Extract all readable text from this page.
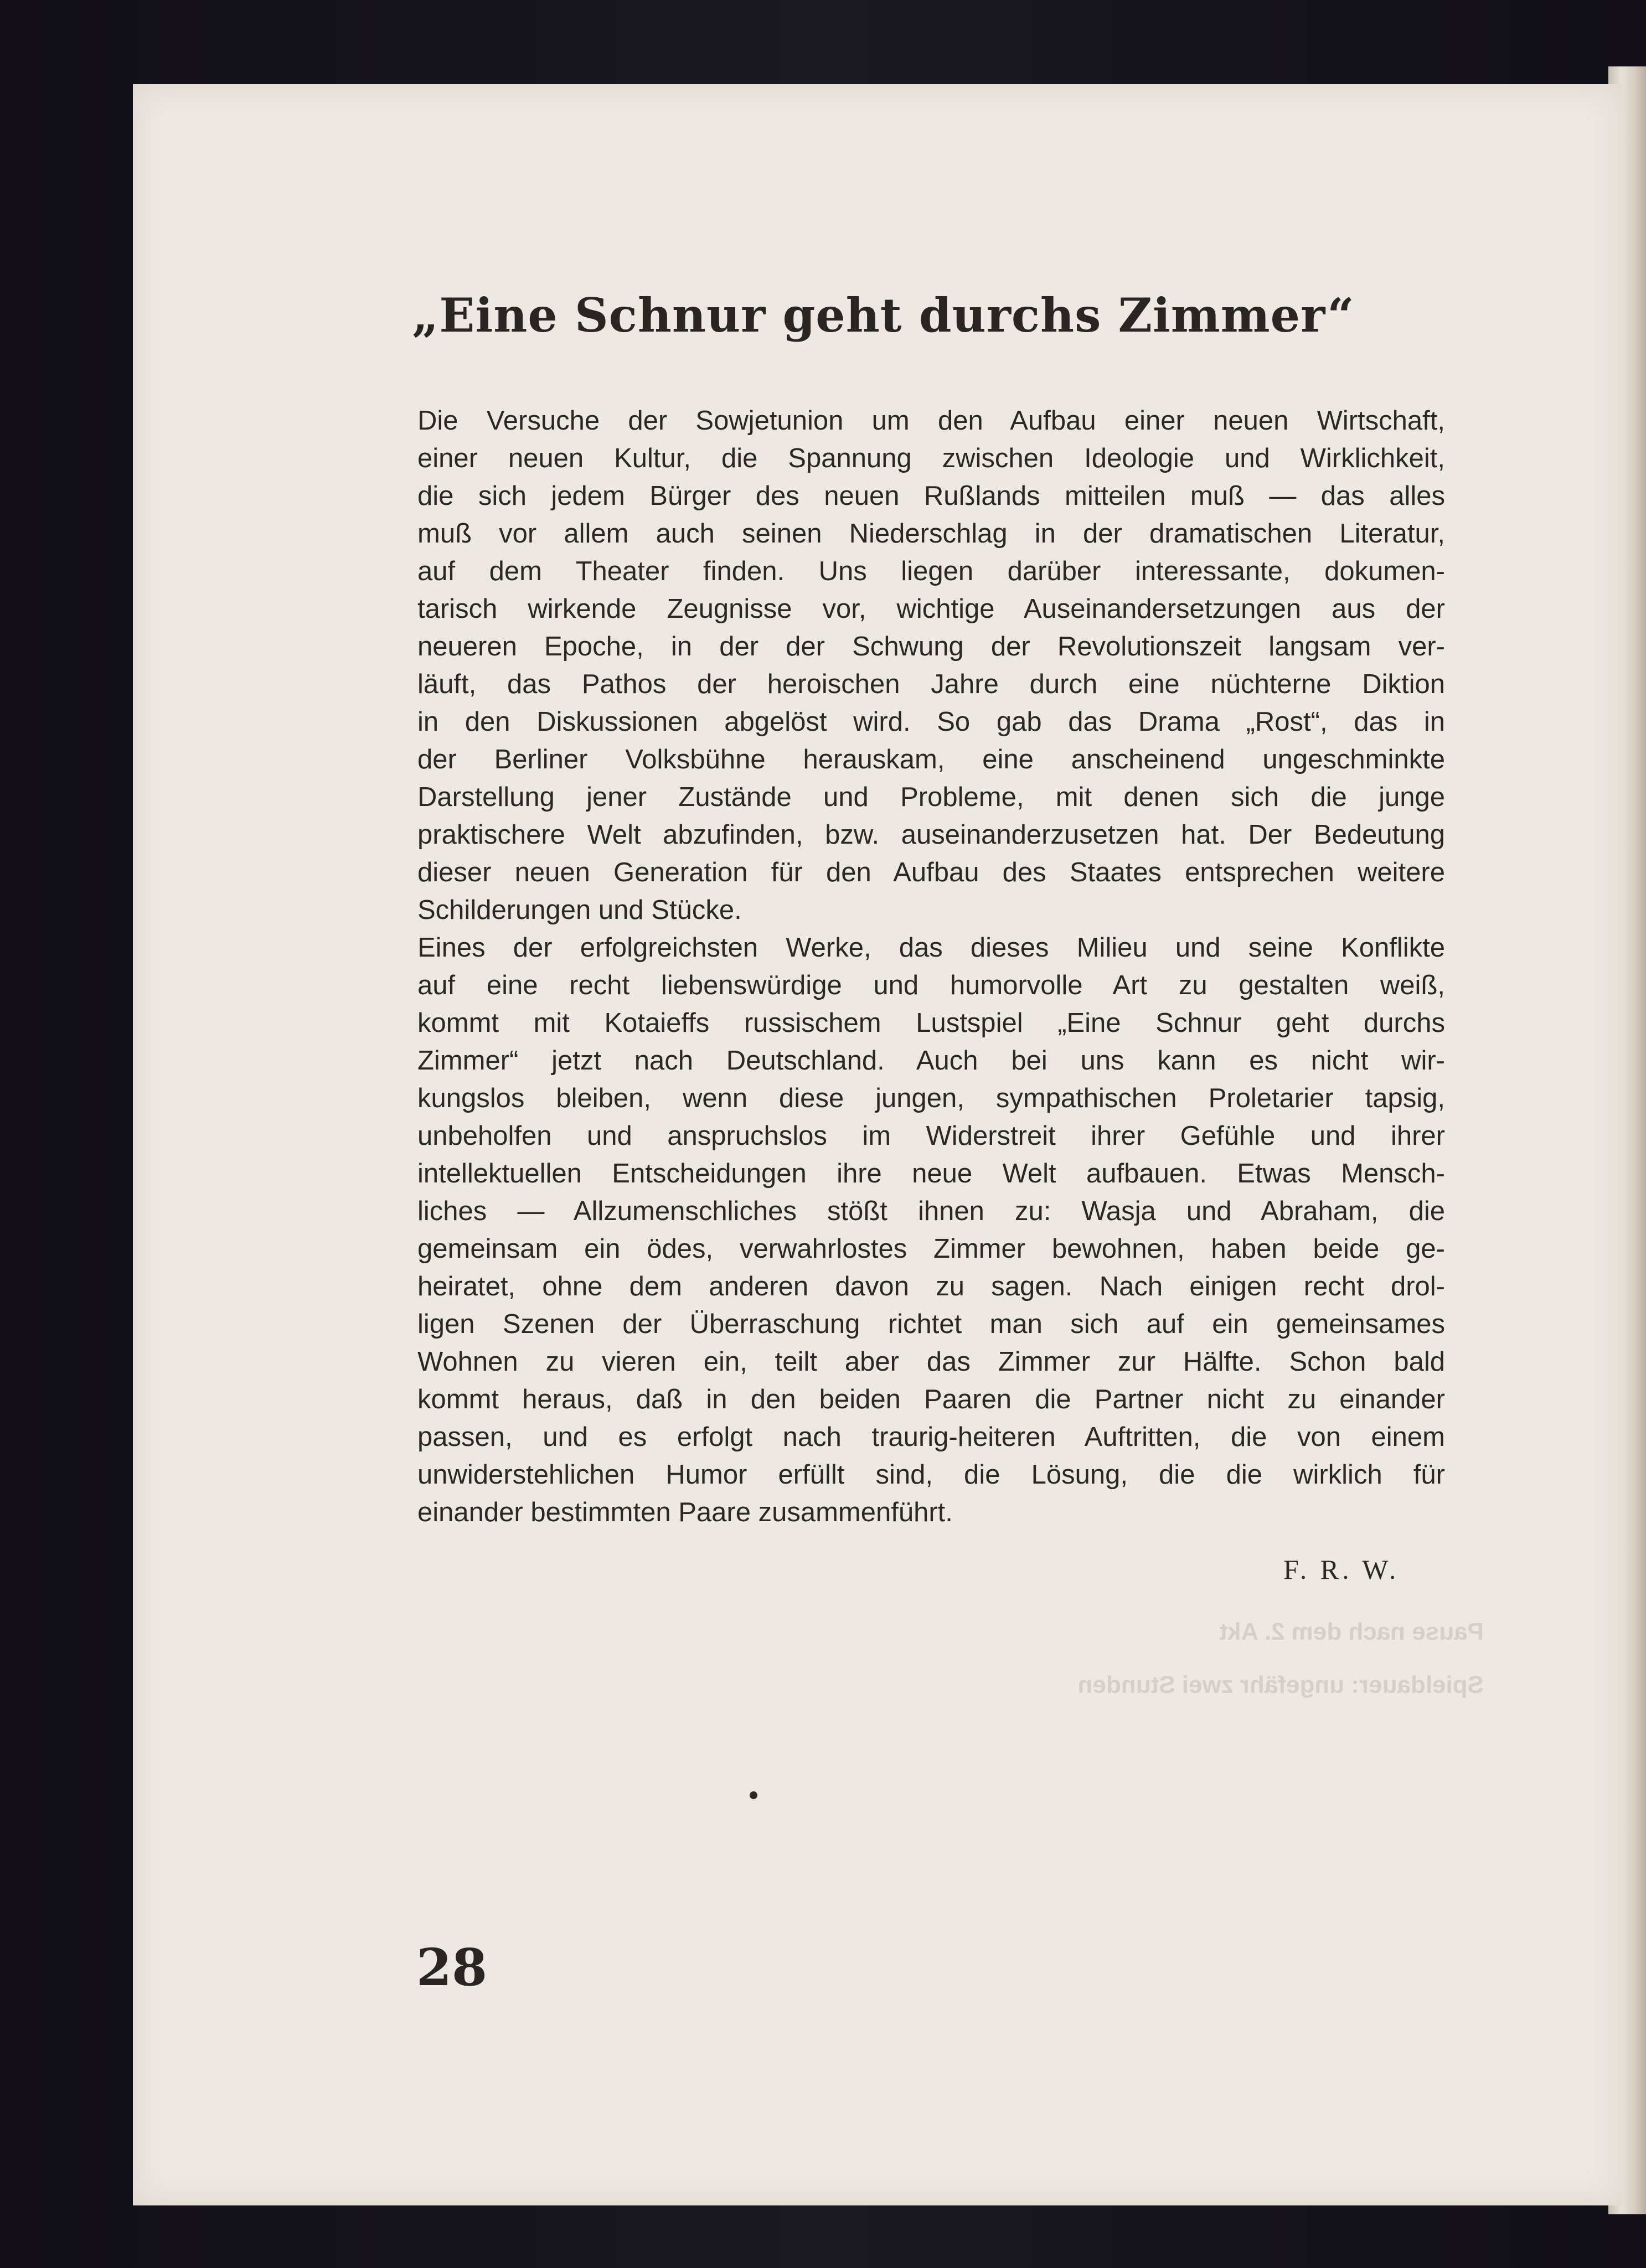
Pause nach dem 2. Akt
Spieldauer: ungefähr zwei Stunden
„Eine Schnur geht durchs Zimmer“
Die Versuche der Sowjetunion um den Aufbau einer neuen Wirtschaft,
einer neuen Kultur, die Spannung zwischen Ideologie und Wirklichkeit,
die sich jedem Bürger des neuen Rußlands mitteilen muß — das alles
muß vor allem auch seinen Niederschlag in der dramatischen Literatur,
auf dem Theater finden. Uns liegen darüber interessante, dokumen-
tarisch wirkende Zeugnisse vor, wichtige Auseinandersetzungen aus der
neueren Epoche, in der der Schwung der Revolutionszeit langsam ver-
läuft, das Pathos der heroischen Jahre durch eine nüchterne Diktion
in den Diskussionen abgelöst wird. So gab das Drama „Rost“, das in
der Berliner Volksbühne herauskam, eine anscheinend ungeschminkte
Darstellung jener Zustände und Probleme, mit denen sich die junge
praktischere Welt abzufinden, bzw. auseinanderzusetzen hat. Der Bedeutung
dieser neuen Generation für den Aufbau des Staates entsprechen weitere
Schilderungen und Stücke.
Eines der erfolgreichsten Werke, das dieses Milieu und seine Konflikte
auf eine recht liebenswürdige und humorvolle Art zu gestalten weiß,
kommt mit Kotaieffs russischem Lustspiel „Eine Schnur geht durchs
Zimmer“ jetzt nach Deutschland. Auch bei uns kann es nicht wir-
kungslos bleiben, wenn diese jungen, sympathischen Proletarier tapsig,
unbeholfen und anspruchslos im Widerstreit ihrer Gefühle und ihrer
intellektuellen Entscheidungen ihre neue Welt aufbauen. Etwas Mensch-
liches — Allzumenschliches stößt ihnen zu: Wasja und Abraham, die
gemeinsam ein ödes, verwahrlostes Zimmer bewohnen, haben beide ge-
heiratet, ohne dem anderen davon zu sagen. Nach einigen recht drol-
ligen Szenen der Überraschung richtet man sich auf ein gemeinsames
Wohnen zu vieren ein, teilt aber das Zimmer zur Hälfte. Schon bald
kommt heraus, daß in den beiden Paaren die Partner nicht zu einander
passen, und es erfolgt nach traurig-heiteren Auftritten, die von einem
unwiderstehlichen Humor erfüllt sind, die Lösung, die die wirklich für
einander bestimmten Paare zusammenführt.
F. R. W.
28
